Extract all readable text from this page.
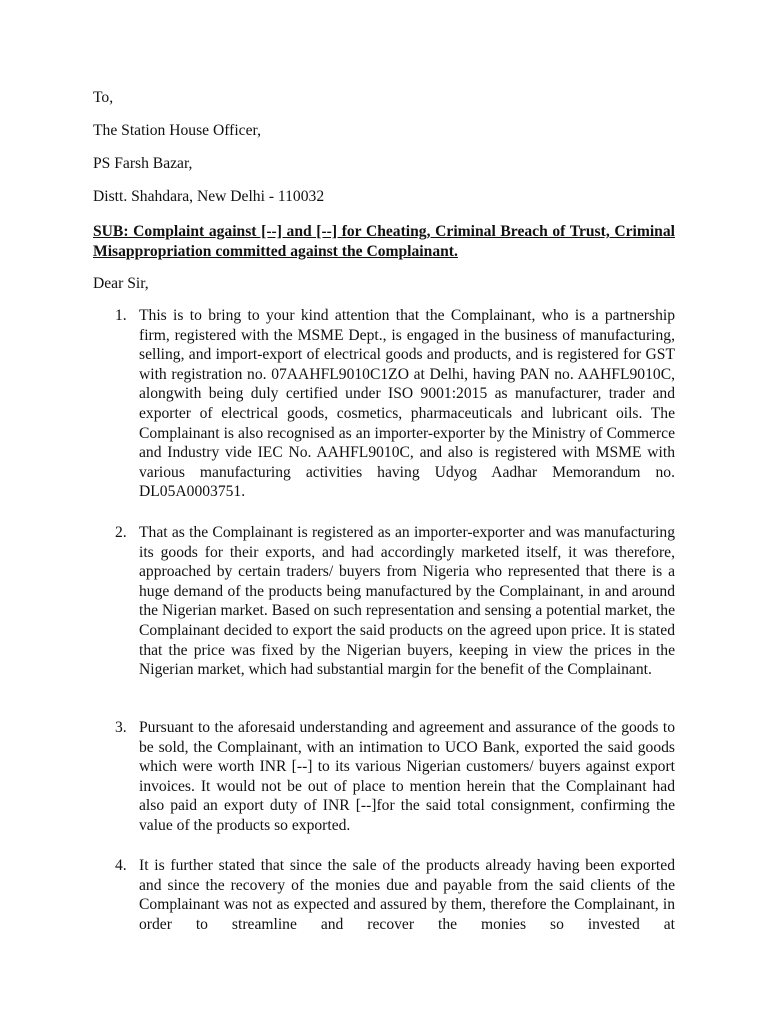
To,
The Station House Officer,
PS Farsh Bazar,
Distt. Shahdara, New Delhi - 110032
SUB: Complaint against [--] and [--] for Cheating, Criminal Breach of Trust, Criminal Misappropriation committed against the Complainant.
Dear Sir,
1. This is to bring to your kind attention that the Complainant, who is a partnership firm, registered with the MSME Dept., is engaged in the business of manufacturing, selling, and import-export of electrical goods and products, and is registered for GST with registration no. 07AAHFL9010C1ZO at Delhi, having PAN no. AAHFL9010C, alongwith being duly certified under ISO 9001:2015 as manufacturer, trader and exporter of electrical goods, cosmetics, pharmaceuticals and lubricant oils. The Complainant is also recognised as an importer-exporter by the Ministry of Commerce and Industry vide IEC No. AAHFL9010C, and also is registered with MSME with various manufacturing activities having Udyog Aadhar Memorandum no. DL05A0003751.
2. That as the Complainant is registered as an importer-exporter and was manufacturing its goods for their exports, and had accordingly marketed itself, it was therefore, approached by certain traders/ buyers from Nigeria who represented that there is a huge demand of the products being manufactured by the Complainant, in and around the Nigerian market. Based on such representation and sensing a potential market, the Complainant decided to export the said products on the agreed upon price. It is stated that the price was fixed by the Nigerian buyers, keeping in view the prices in the Nigerian market, which had substantial margin for the benefit of the Complainant.
3. Pursuant to the aforesaid understanding and agreement and assurance of the goods to be sold, the Complainant, with an intimation to UCO Bank, exported the said goods which were worth INR [--] to its various Nigerian customers/ buyers against export invoices. It would not be out of place to mention herein that the Complainant had also paid an export duty of INR [--]for the said total consignment, confirming the value of the products so exported.
4. It is further stated that since the sale of the products already having been exported and since the recovery of the monies due and payable from the said clients of the Complainant was not as expected and assured by them, therefore the Complainant, in order to streamline and recover the monies so invested at
